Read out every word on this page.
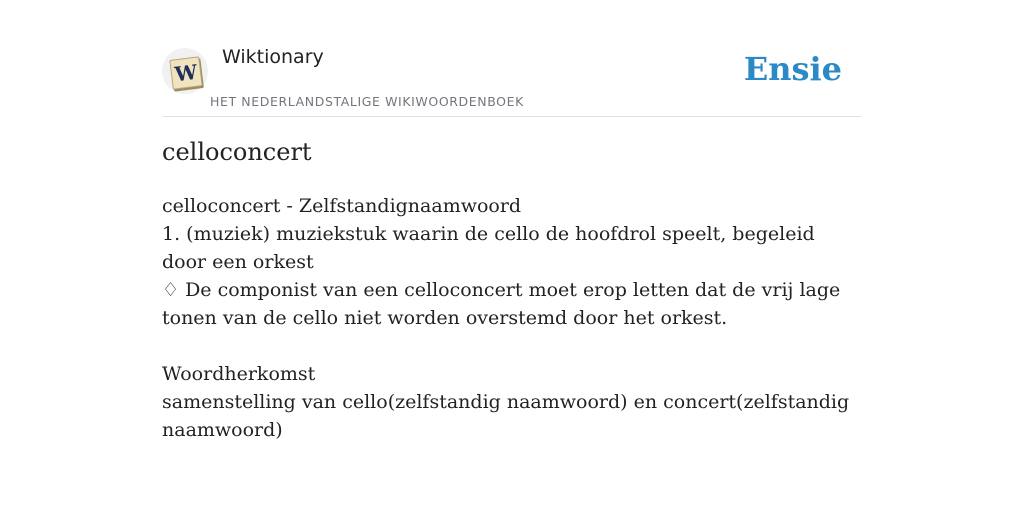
W
Wiktionary
HET NEDERLANDSTALIGE WIKIWOORDENBOEK
Ensie
celloconcert

celloconcert - Zelfstandignaamwoord

1. (muziek) muziekstuk waarin de cello de hoofdrol speelt, begeleid door een orkest

♢ De componist van een celloconcert moet erop letten dat de vrij lage tonen van de cello niet worden overstemd door het orkest.

Woordherkomst

samenstelling van cello(zelfstandig naamwoord) en concert(zelfstandig naamwoord)
